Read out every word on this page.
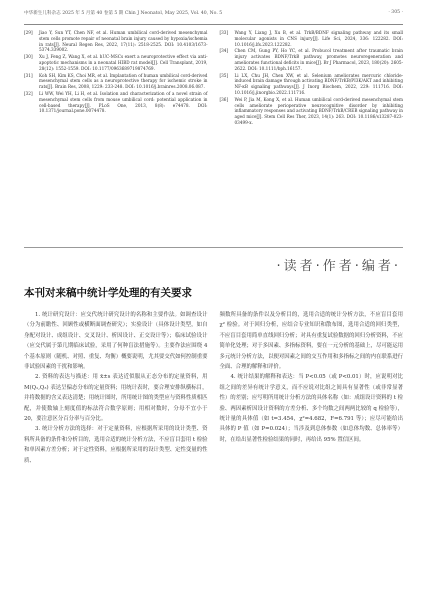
中华新生儿科杂志 2025 年 5 月第 40 卷第 5 期 Chin J Neonatol, May 2025, Vol. 40, No. 5	· 305 ·
[29]	Jiao Y, Sun YT, Chen NF, et al. Human umbilical cord-derived mesenchymal stem cells promote repair of neonatal brain injury caused by hypoxia/ischemia in rats[J]. Neural Regen Res, 2022, 17(11): 2518-2525. DOI: 10.4103/1673-5374.339002.
[30]	Xu J, Feng Z, Wang X, et al. hUC-MSCs exert a neuroprotective effect via anti-apoptotic mechanisms in a neonatal HIBD rat model[J]. Cell Transplant, 2019, 28(12): 1552-1559. DOI: 10.1177/0963689719874769.
[31]	Koh SH, Kim KS, Choi MR, et al. Implantation of human umbilical cord-derived mesenchymal stem cells as a neuroprotective therapy for ischemic stroke in rats[J]. Brain Res, 2008, 1229: 233-248. DOI: 10.1016/j.brainres.2008.06.087.
[32]	Li WW, Wei YH, Li H, et al. Isolation and characterization of a novel strain of mesenchymal stem cells from mouse umbilical cord: potential application in cell-based therapy[J]. PLoS One, 2013, 8(8): e74478. DOI: 10.1371/journal.pone.0074478.
[33]	Wang Y, Liang J, Xu B, et al. TrkB/BDNF signaling pathway and its small molecular agonists in CNS injury[J]. Life Sci, 2024, 336: 122282. DOI: 10.1016/j.lfs.2023.122282.
[34]	Chen CM, Gung PY, Ho YC, et al. Probucol treatment after traumatic brain injury activates BDNF/TrkB pathway, promotes neuroregeneration and ameliorates functional deficits in mice[J]. Br J Pharmacol, 2023, 180(20): 2605-2622. DOI: 10.1111/bph.16157.
[35]	Li LX, Chu JH, Chen XW, et al. Selenium ameliorates mercuric chloride-induced brain damage through activating BDNF/TrKB/PI3K/AKT and inhibiting NF-κB signaling pathways[J]. J Inorg Biochem, 2022, 229: 111716. DOI: 10.1016/j.jinorgbio.2022.111716.
[36]	Wei P, Jia M, Kong X, et al. Human umbilical cord-derived mesenchymal stem cells ameliorate perioperative neurocognitive disorder by inhibiting inflammatory responses and activating BDNF/TrkB/CREB signaling pathway in aged mice[J]. Stem Cell Res Ther, 2023, 14(1): 263. DOI: 10.1186/s13287-023-03499-x.
·读者·作者·编者·
本刊对来稿中统计学处理的有关要求

1. 统计研究设计：应交代统计研究设计的名称和主要作法。如调查设计（分为前瞻性、回顾性或横断面调查研究）；实验设计（具体设计类型，如自身配对设计、成组设计、交叉设计、析因设计、正交设计等）；临床试验设计（应交代属于第几期临床试验，采用了何种盲法措施等）。主要作法应围绕 4 个基本原则（随机、对照、重复、均衡）概要说明，尤其要交代如何控制重要非试验因素的干扰和影响。

2. 资料的表达与描述：用 x̄±s 表达近似服从正态分布的定量资料，用 M(Q₁,Q₃) 表达呈偏态分布的定量资料；用统计表时，要合理安排纵横标目，并将数据的含义表达清楚；用统计图时，所用统计图的类型应与资料性质相匹配，并使数轴上刻度值的标法符合数学原则；用相对数时，分母不宜小于 20，要注意区分百分率与百分比。

3. 统计分析方法的选择：对于定量资料，应根据所采用的设计类型、资料所具备的条件和分析目的，选用合适的统计分析方法，不应盲目套用 t 检验和单因素方差分析；对于定性资料，应根据所采用的设计类型、定性变量的性质、

频数所具备的条件以及分析目的，选用合适的统计分析方法，不应盲目套用 χ² 检验。对于回归分析，应结合专业知识和散布图，选用合适的回归类型，不应盲目套用简单直线回归分析；对具有重复试验数据的回归分析资料，不应简单化处理；对于多因素、多指标资料，要在一元分析的基础上，尽可能运用多元统计分析方法，以便对因素之间的交互作用和多指标之间的内在联系进行全面、合理的解释和评价。

4. 统计结果的解释和表达：当 P<0.05（或 P<0.01）时，应说明对比组之间的差异有统计学意义，而不应说对比组之间具有显著性（或非常显著性）的差别；应写明所用统计分析方法的具体名称（如：成组设计资料的 t 检验、两因素析因设计资料的方差分析、多个均数之间两两比较的 q 检验等），统计量的具体值（如 t=3.454，χ²=4.682，F=6.791 等）；应尽可能给出具体的 P 值（如 P=0.024）；当涉及到总体参数（如总体均数、总体率等）时，在给出显著性检验结果的同时，再给出 95% 置信区间。
